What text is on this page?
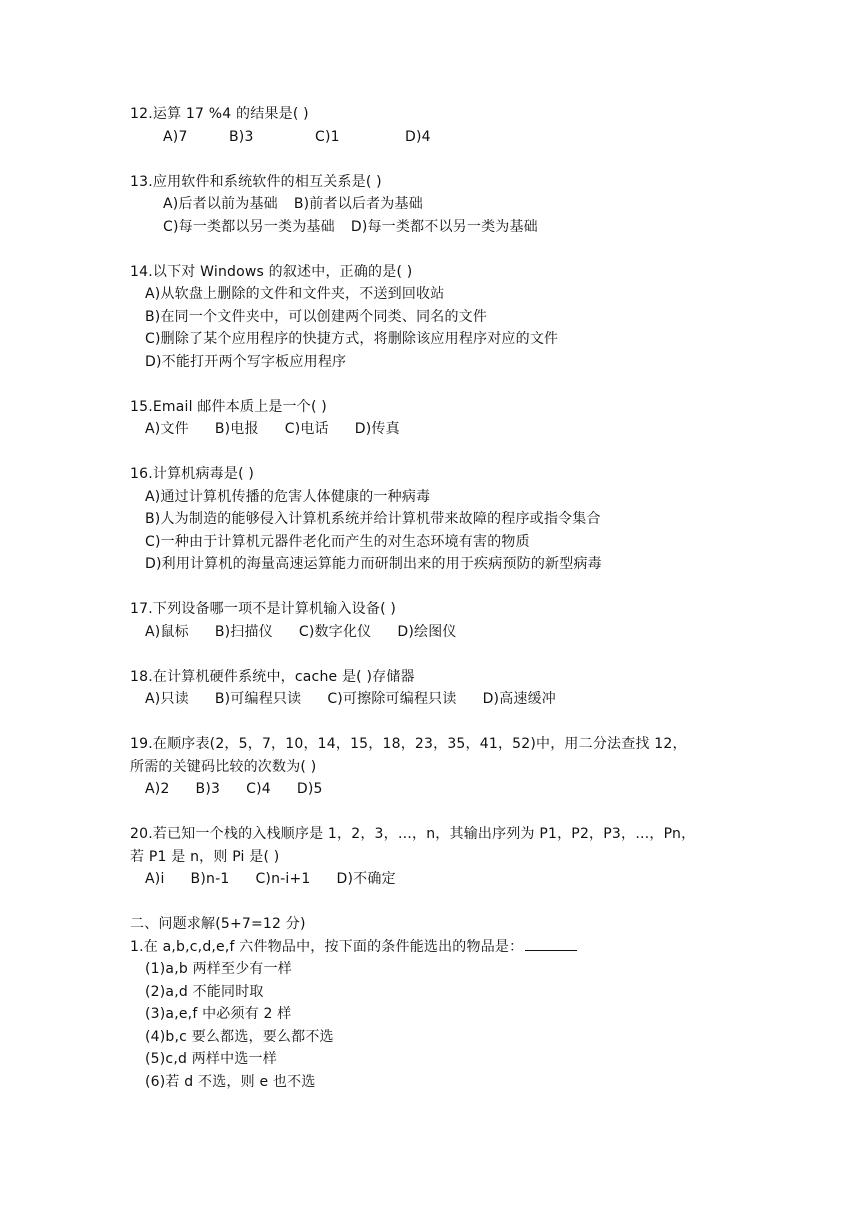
12.运算 17 %4 的结果是( )
A)7	B)3	C)1	D)4
13.应用软件和系统软件的相互关系是( )
A)后者以前为基础 B)前者以后者为基础
C)每一类都以另一类为基础 D)每一类都不以另一类为基础
14.以下对 Windows 的叙述中，正确的是( )
A)从软盘上删除的文件和文件夹，不送到回收站
B)在同一个文件夹中，可以创建两个同类、同名的文件
C)删除了某个应用程序的快捷方式，将删除该应用程序对应的文件
D)不能打开两个写字板应用程序
15.Email 邮件本质上是一个( )
A)文件 B)电报 C)电话 D)传真
16.计算机病毒是( )
A)通过计算机传播的危害人体健康的一种病毒
B)人为制造的能够侵入计算机系统并给计算机带来故障的程序或指令集合
C)一种由于计算机元器件老化而产生的对生态环境有害的物质
D)利用计算机的海量高速运算能力而研制出来的用于疾病预防的新型病毒
17.下列设备哪一项不是计算机输入设备( )
A)鼠标 B)扫描仪 C)数字化仪 D)绘图仪
18.在计算机硬件系统中，cache 是( )存储器
A)只读 B)可编程只读 C)可擦除可编程只读 D)高速缓冲
19.在顺序表(2，5，7，10，14，15，18，23，35，41，52)中，用二分法查找 12，
所需的关键码比较的次数为( )
A)2 B)3 C)4 D)5
20.若已知一个栈的入栈顺序是 1，2，3，…，n，其输出序列为 P1，P2，P3，…，Pn，
若 P1 是 n，则 Pi 是( )
A)i B)n-1 C)n-i+1 D)不确定
二、问题求解(5+7=12 分)
1.在 a,b,c,d,e,f 六件物品中，按下面的条件能选出的物品是：
(1)a,b 两样至少有一样
(2)a,d 不能同时取
(3)a,e,f 中必须有 2 样
(4)b,c 要么都选，要么都不选
(5)c,d 两样中选一样
(6)若 d 不选，则 e 也不选
